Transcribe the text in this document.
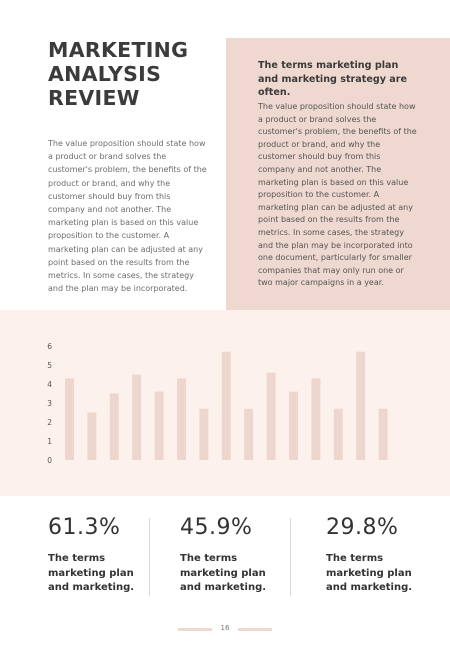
MARKETING
ANALYSIS
REVIEW
The value proposition should state how a product or brand solves the customer's problem, the benefits of the product or brand, and why the customer should buy from this company and not another. The marketing plan is based on this value proposition to the customer. A marketing plan can be adjusted at any point based on the results from the metrics. In some cases, the strategy and the plan may be incorporated.
The terms marketing plan and marketing strategy are often.
The value proposition should state how a product or brand solves the customer's problem, the benefits of the product or brand, and why the customer should buy from this company and not another. The marketing plan is based on this value proposition to the customer. A marketing plan can be adjusted at any point based on the results from the metrics. In some cases, the strategy and the plan may be incorporated into one document, particularly for smaller companies that may only run one or two major campaigns in a year.
0
1
2
3
4
5
6
61.3%
The terms marketing plan and marketing.
45.9%
The terms marketing plan and marketing.
29.8%
The terms marketing plan and marketing.
16
